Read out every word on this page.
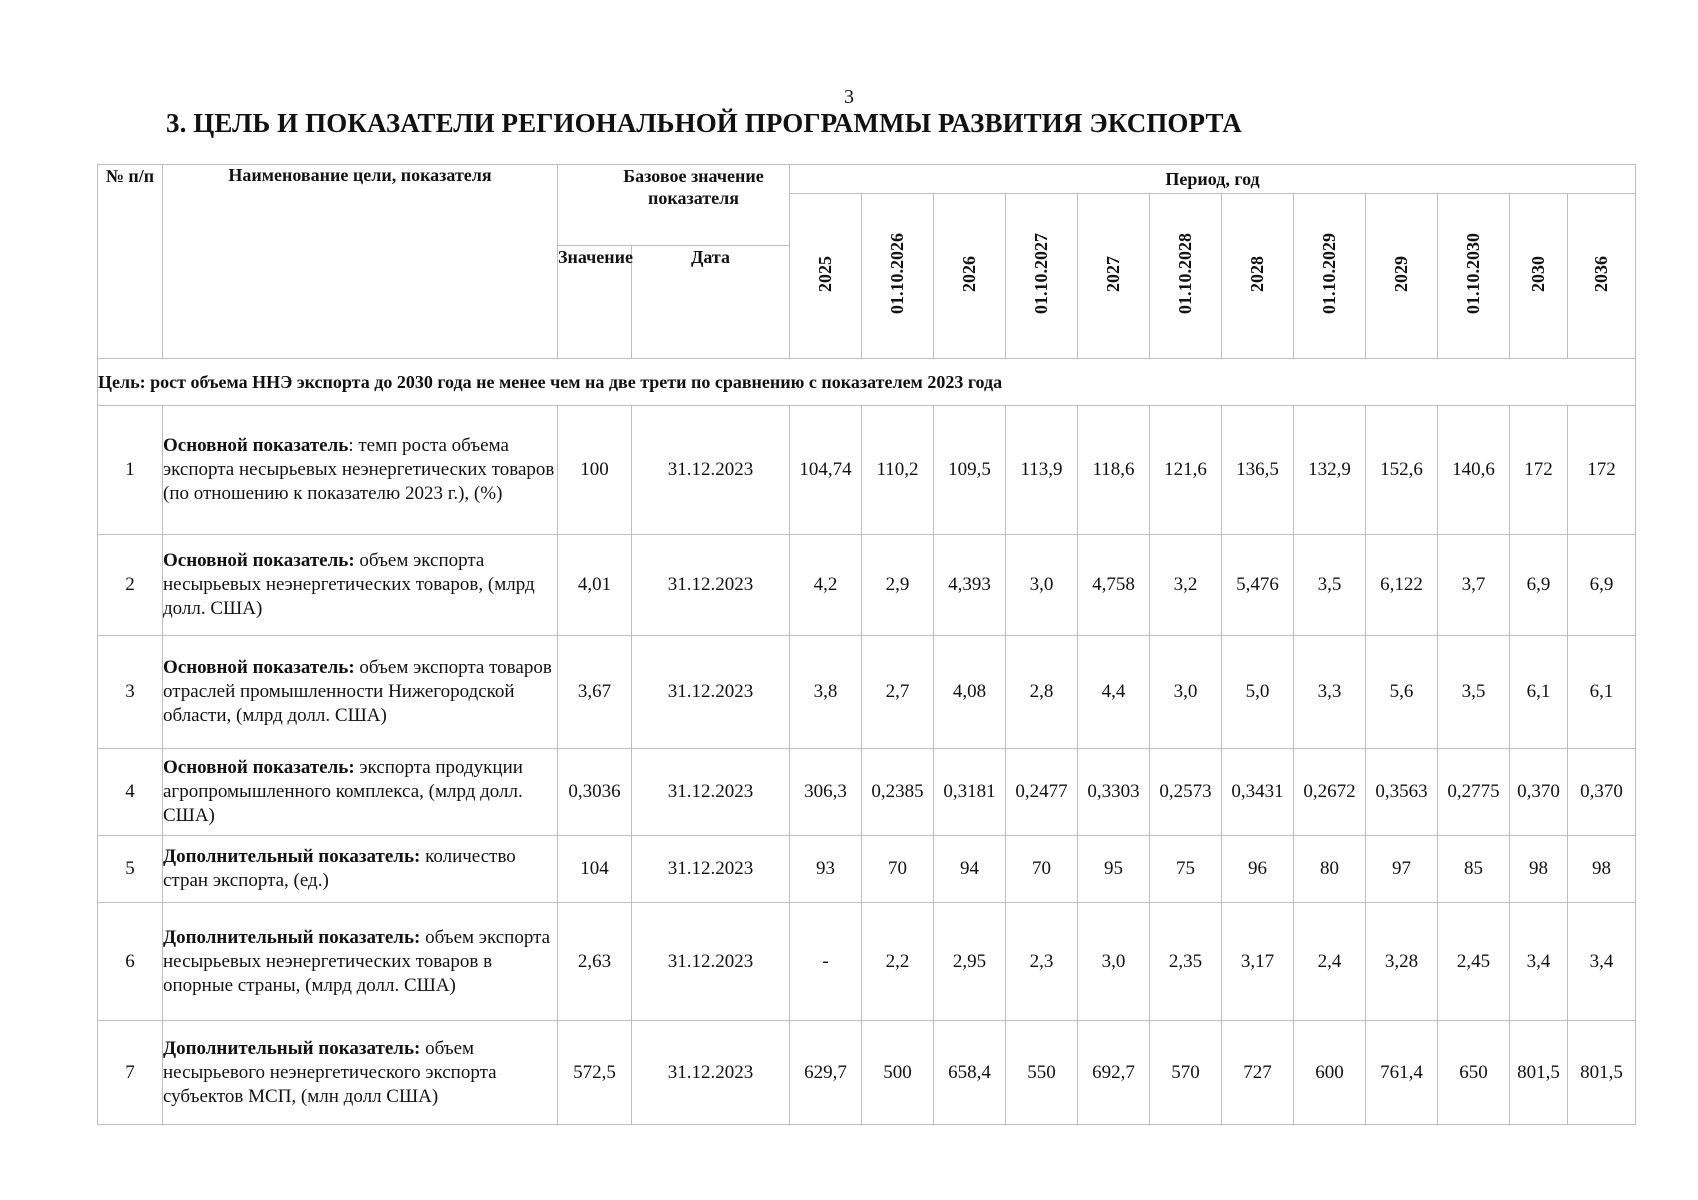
3
3. ЦЕЛЬ И ПОКАЗАТЕЛИ РЕГИОНАЛЬНОЙ ПРОГРАММЫ РАЗВИТИЯ ЭКСПОРТА
№ п/п	Наименование цели, показателя	Базовое значение показателя		Период, год											
				2025	01.10.2026	2026	01.10.2027	2027	01.10.2028	2028	01.10.2029	2029	01.10.2030	2030	2036
		Значение	Дата												
Цель: рост объема ННЭ экспорта до 2030 года не менее чем на две трети по сравнению с показателем 2023 года															
1	Основной показатель: темп роста объема экспорта несырьевых неэнергетических товаров (по отношению к показателю 2023 г.), (%)	100	31.12.2023	104,74	110,2	109,5	113,9	118,6	121,6	136,5	132,9	152,6	140,6	172	172
2	Основной показатель: объем экспорта несырьевых неэнергетических товаров, (млрд долл. США)	4,01	31.12.2023	4,2	2,9	4,393	3,0	4,758	3,2	5,476	3,5	6,122	3,7	6,9	6,9
3	Основной показатель: объем экспорта товаров отраслей промышленности Нижегородской области, (млрд долл. США)	3,67	31.12.2023	3,8	2,7	4,08	2,8	4,4	3,0	5,0	3,3	5,6	3,5	6,1	6,1
4	Основной показатель: экспорта продукции агропромышленного комплекса, (млрд долл. США)	0,3036	31.12.2023	306,3	0,2385	0,3181	0,2477	0,3303	0,2573	0,3431	0,2672	0,3563	0,2775	0,370	0,370
5	Дополнительный показатель: количество стран экспорта, (ед.)	104	31.12.2023	93	70	94	70	95	75	96	80	97	85	98	98
6	Дополнительный показатель: объем экспорта несырьевых неэнергетических товаров в опорные страны, (млрд долл. США)	2,63	31.12.2023	-	2,2	2,95	2,3	3,0	2,35	3,17	2,4	3,28	2,45	3,4	3,4
7	Дополнительный показатель: объем несырьевого неэнергетического экспорта субъектов МСП, (млн долл США)	572,5	31.12.2023	629,7	500	658,4	550	692,7	570	727	600	761,4	650	801,5	801,5
